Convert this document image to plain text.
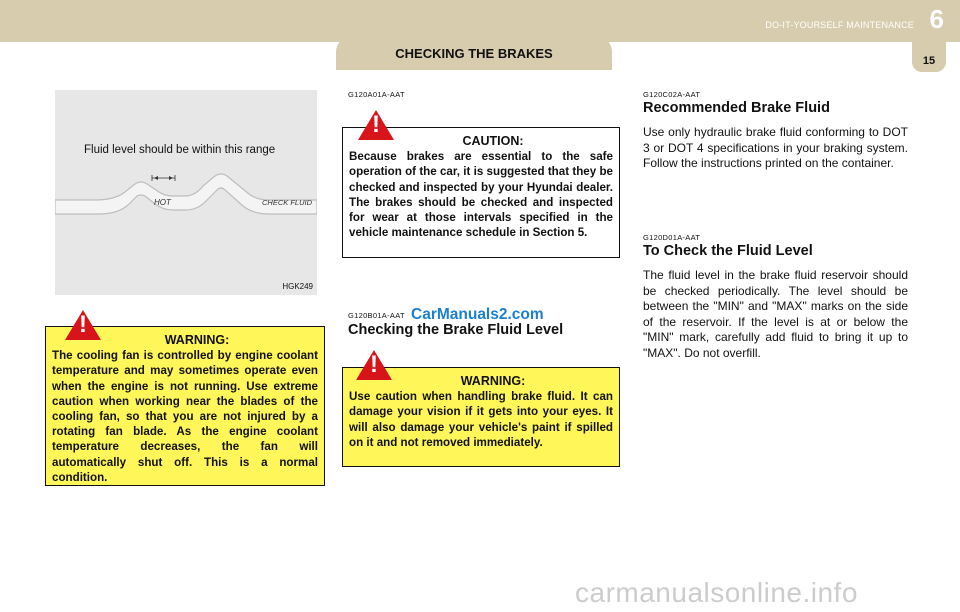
CHECKING THE BRAKES
DO-IT-YOURSELF MAINTENANCE 6
15
Fluid level should be within this range
HOT	CHECK FLUID
HGK249
WARNING:
The cooling fan is controlled by engine coolant temperature and may sometimes operate even when the engine is not running. Use extreme caution when working near the blades of the cooling fan, so that you are not injured by a rotating fan blade. As the engine coolant temperature decreases, the fan will automatically shut off. This is a normal condition.
!
G120A01A-AAT
CAUTION:
Because brakes are essential to the safe operation of the car, it is suggested that they be checked and inspected by your Hyundai dealer. The brakes should be checked and inspected for wear at those intervals specified in the vehicle maintenance schedule in Section 5.
!
G120B01A-AAT CarManuals2.com
Checking the Brake Fluid Level
WARNING:
Use caution when handling brake fluid. It can damage your vision if it gets into your eyes. It will also damage your vehicle's paint if spilled on it and not removed immediately.
!
G120C02A-AAT
Recommended Brake Fluid
Use only hydraulic brake fluid conforming to DOT 3 or DOT 4 specifications in your braking system. Follow the instructions printed on the container.
G120D01A-AAT
To Check the Fluid Level
The fluid level in the brake fluid reservoir should be checked periodically. The level should be between the "MIN" and "MAX" marks on the side of the reservoir. If the level is at or below the "MIN" mark, carefully add fluid to bring it up to "MAX". Do not overfill.
carmanualsonline.info
